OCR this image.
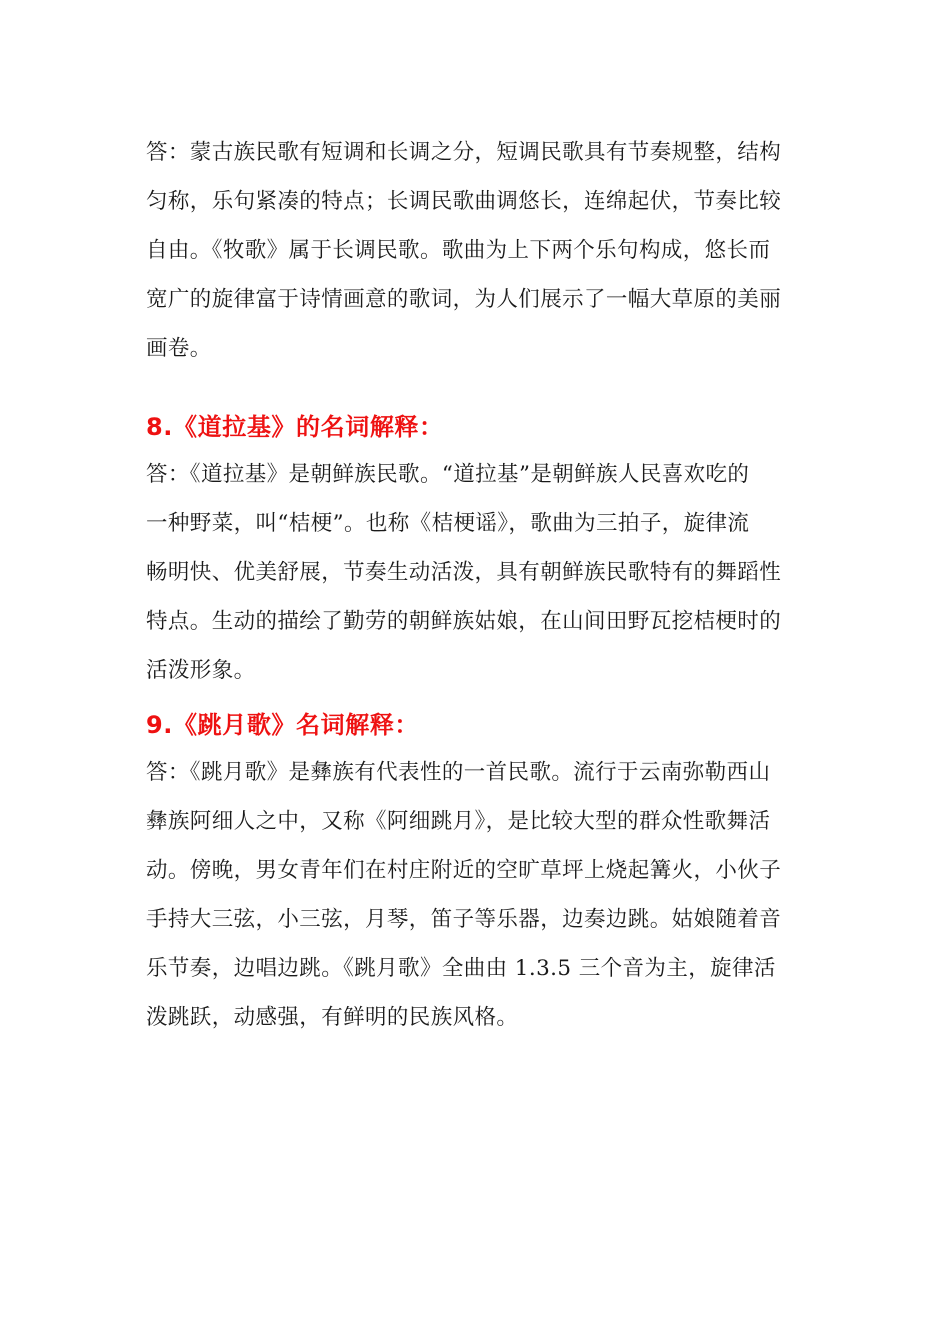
答：蒙古族民歌有短调和长调之分，短调民歌具有节奏规整，结构
匀称，乐句紧凑的特点；长调民歌曲调悠长，连绵起伏，节奏比较
自由。《牧歌》属于长调民歌。歌曲为上下两个乐句构成，悠长而
宽广的旋律富于诗情画意的歌词，为人们展示了一幅大草原的美丽
画卷。
8.《道拉基》的名词解释：
答：《道拉基》是朝鲜族民歌。“道拉基”是朝鲜族人民喜欢吃的
一种野菜，叫“桔梗”。也称《桔梗谣》，歌曲为三拍子，旋律流
畅明快、优美舒展，节奏生动活泼，具有朝鲜族民歌特有的舞蹈性
特点。生动的描绘了勤劳的朝鲜族姑娘，在山间田野瓦挖桔梗时的
活泼形象。
9.《跳月歌》名词解释：
答：《跳月歌》是彝族有代表性的一首民歌。流行于云南弥勒西山
彝族阿细人之中，又称《阿细跳月》，是比较大型的群众性歌舞活
动。傍晚，男女青年们在村庄附近的空旷草坪上烧起篝火，小伙子
手持大三弦，小三弦，月琴，笛子等乐器，边奏边跳。姑娘随着音
乐节奏，边唱边跳。《跳月歌》全曲由 1.3.5 三个音为主，旋律活
泼跳跃，动感强，有鲜明的民族风格。
